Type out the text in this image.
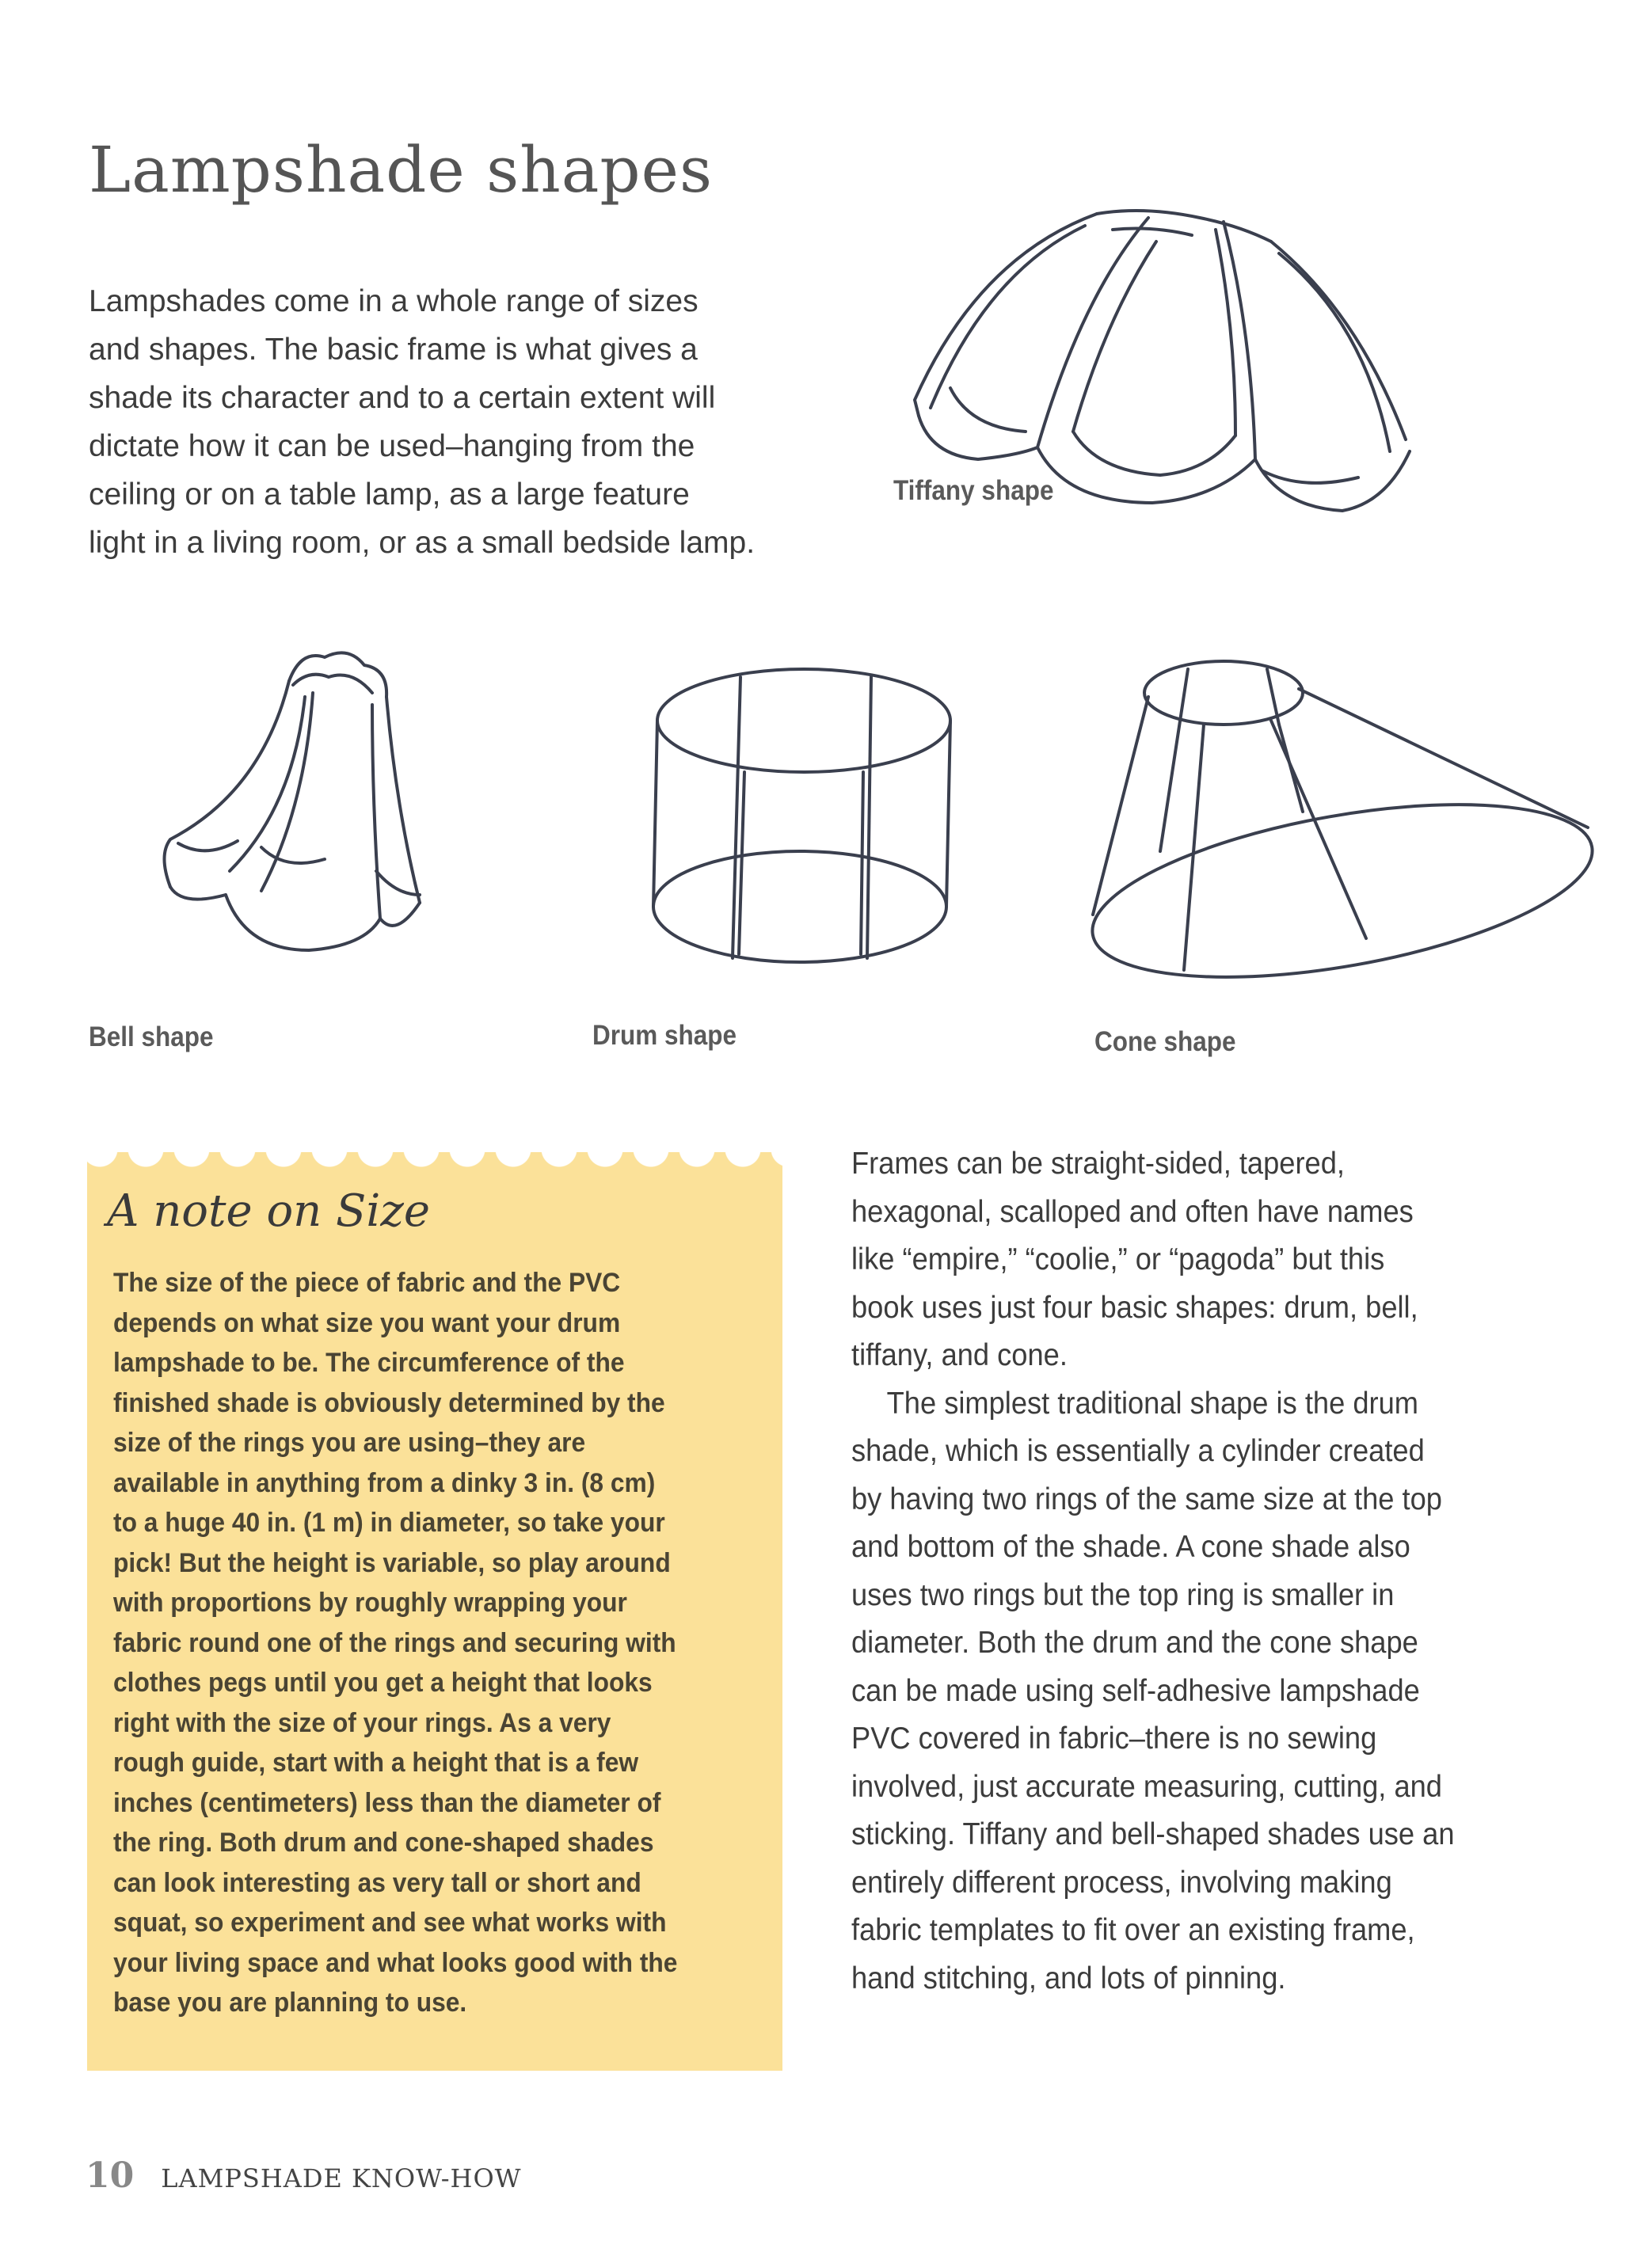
Lampshade shapes
Lampshades come in a whole range of sizes
and shapes. The basic frame is what gives a
shade its character and to a certain extent will
dictate how it can be used–hanging from the
ceiling or on a table lamp, as a large feature
light in a living room, or as a small bedside lamp.
Tiffany shape
Bell shape	Drum shape	Cone shape
A note on Size
The size of the piece of fabric and the PVC
depends on what size you want your drum
lampshade to be. The circumference of the
finished shade is obviously determined by the
size of the rings you are using–they are
available in anything from a dinky 3 in. (8 cm)
to a huge 40 in. (1 m) in diameter, so take your
pick! But the height is variable, so play around
with proportions by roughly wrapping your
fabric round one of the rings and securing with
clothes pegs until you get a height that looks
right with the size of your rings. As a very
rough guide, start with a height that is a few
inches (centimeters) less than the diameter of
the ring. Both drum and cone-shaped shades
can look interesting as very tall or short and
squat, so experiment and see what works with
your living space and what looks good with the
base you are planning to use.
Frames can be straight-sided, tapered,
hexagonal, scalloped and often have names
like “empire,” “coolie,” or “pagoda” but this
book uses just four basic shapes: drum, bell,
tiffany, and cone.
The simplest traditional shape is the drum
shade, which is essentially a cylinder created
by having two rings of the same size at the top
and bottom of the shade. A cone shade also
uses two rings but the top ring is smaller in
diameter. Both the drum and the cone shape
can be made using self-adhesive lampshade
PVC covered in fabric–there is no sewing
involved, just accurate measuring, cutting, and
sticking. Tiffany and bell-shaped shades use an
entirely different process, involving making
fabric templates to fit over an existing frame,
hand stitching, and lots of pinning.
10 LAMPSHADE KNOW-HOW
